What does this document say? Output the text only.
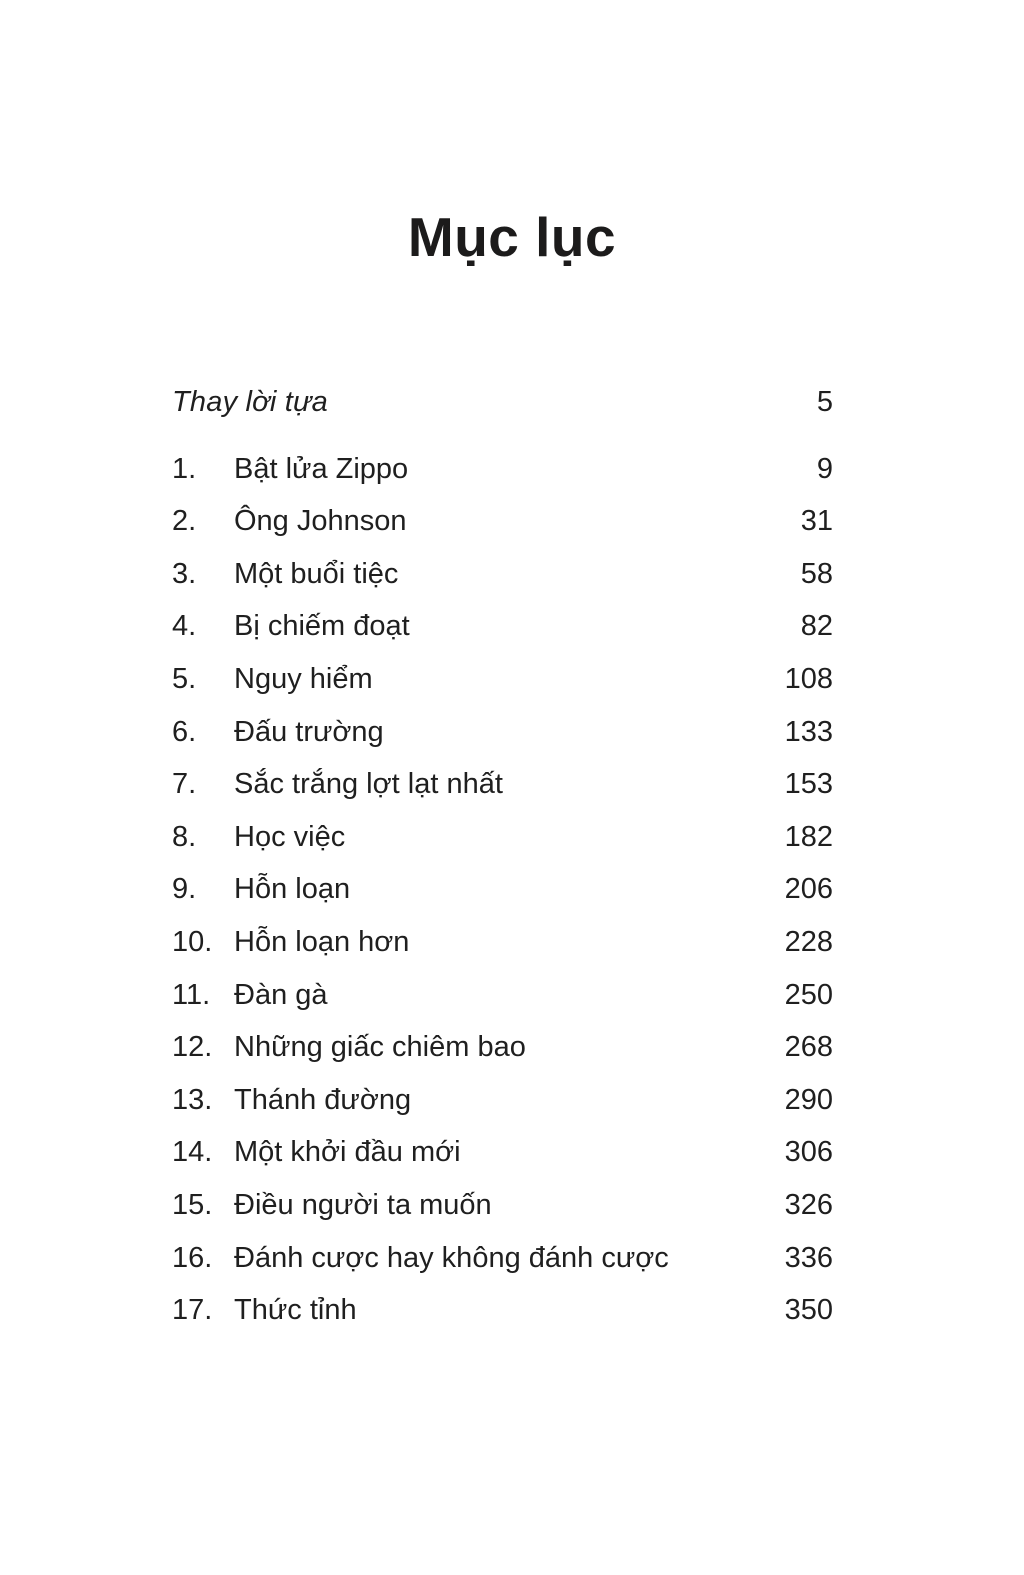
Mục lục
Thay lời tựa	5
1.	Bật lửa Zippo	9
2.	Ông Johnson	31
3.	Một buổi tiệc	58
4.	Bị chiếm đoạt	82
5.	Nguy hiểm	108
6.	Đấu trường	133
7.	Sắc trắng lợt lạt nhất	153
8.	Học việc	182
9.	Hỗn loạn	206
10. Hỗn loạn hơn	228
11. Đàn gà	250
12. Những giấc chiêm bao	268
13. Thánh đường	290
14. Một khởi đầu mới	306
15. Điều người ta muốn	326
16. Đánh cược hay không đánh cược	336
17. Thức tỉnh	350
